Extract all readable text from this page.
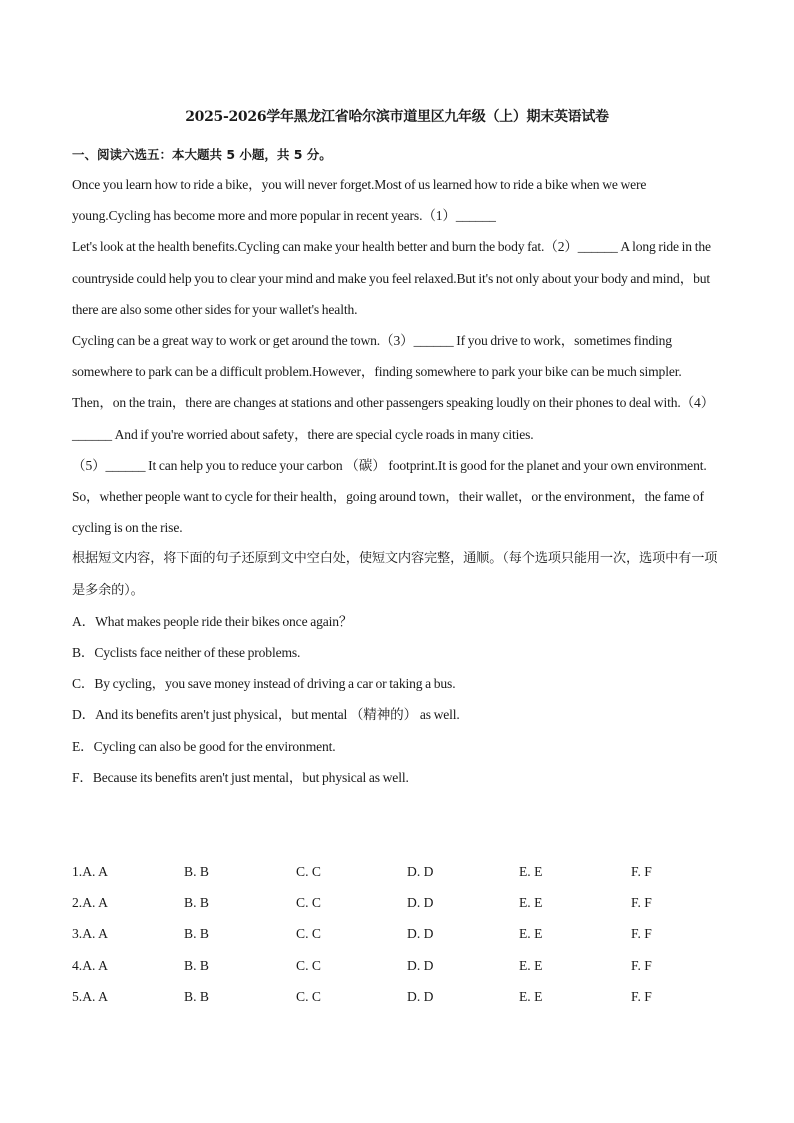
2025-2026学年黑龙江省哈尔滨市道里区九年级（上）期末英语试卷
一、阅读六选五：本大题共 5 小题，共 5 分。

Once you learn how to ride a bike，you will never forget.Most of us learned how to ride a bike when we were young.Cycling has become more and more popular in recent years.（1）______

Let's look at the health benefits.Cycling can make your health better and burn the body fat.（2）______ A long ride in the countryside could help you to clear your mind and make you feel relaxed.But it's not only about your body and mind，but there are also some other sides for your wallet's health.

Cycling can be a great way to work or get around the town.（3）______ If you drive to work，sometimes finding somewhere to park can be a difficult problem.However，finding somewhere to park your bike can be much simpler.

Then，on the train，there are changes at stations and other passengers speaking loudly on their phones to deal with.（4）______ And if you're worried about safety，there are special cycle roads in many cities.

（5）______ It can help you to reduce your carbon （碳） footprint.It is good for the planet and your own environment.

So，whether people want to cycle for their health，going around town，their wallet，or the environment，the fame of cycling is on the rise.

根据短文内容，将下面的句子还原到文中空白处，使短文内容完整，通顺。（每个选项只能用一次，选项中有一项是多余的）。

A．What makes people ride their bikes once again？

B．Cyclists face neither of these problems.

C．By cycling，you save money instead of driving a car or taking a bus.

D．And its benefits aren't just physical，but mental （精神的） as well.

E．Cycling can also be good for the environment.

F．Because its benefits aren't just mental，but physical as well.

1.A. A	B. B	C. C	D. D	E. E	F. F
2.A. A	B. B	C. C	D. D	E. E	F. F
3.A. A	B. B	C. C	D. D	E. E	F. F
4.A. A	B. B	C. C	D. D	E. E	F. F
5.A. A	B. B	C. C	D. D	E. E	F. F
